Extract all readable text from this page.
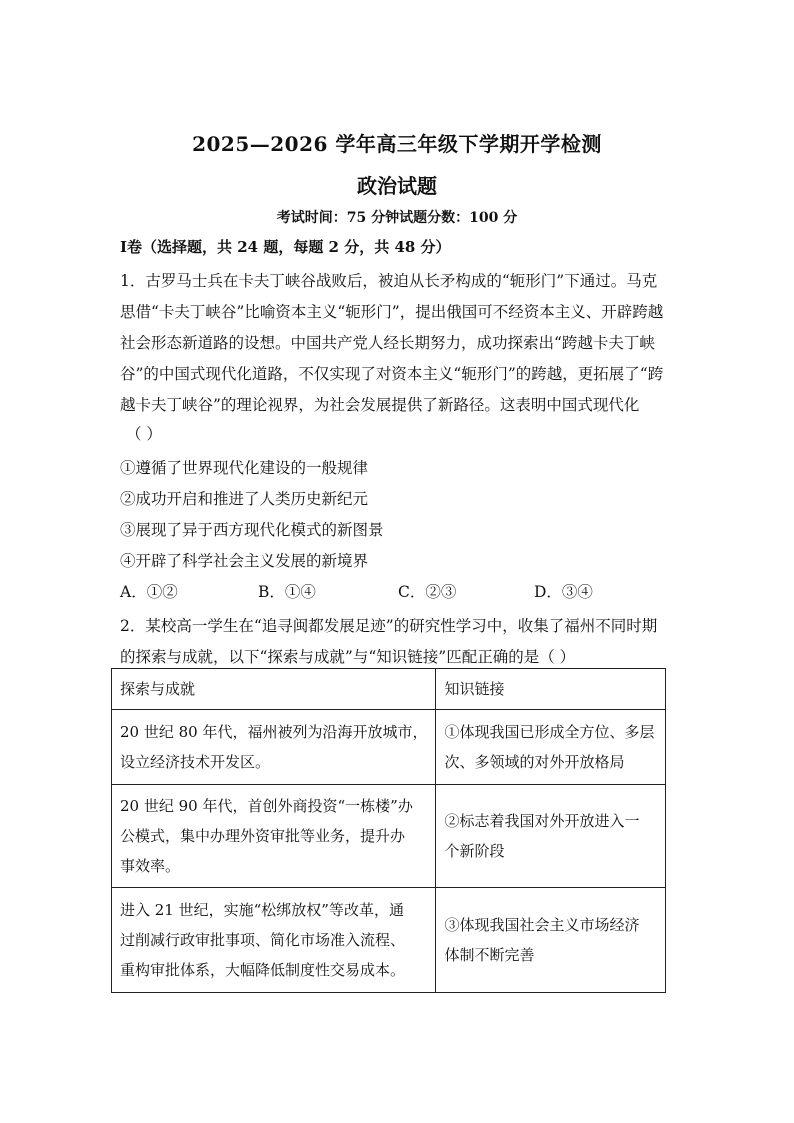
2025—2026 学年高三年级下学期开学检测
政治试题
考试时间：75 分钟试题分数：100 分
Ⅰ卷（选择题，共 24 题，每题 2 分，共 48 分）
1．古罗马士兵在卡夫丁峡谷战败后，被迫从长矛构成的“轭形门”下通过。马克
思借“卡夫丁峡谷”比喻资本主义“轭形门”，提出俄国可不经资本主义、开辟跨越
社会形态新道路的设想。中国共产党人经长期努力，成功探索出“跨越卡夫丁峡
谷”的中国式现代化道路，不仅实现了对资本主义“轭形门”的跨越，更拓展了“跨
越卡夫丁峡谷”的理论视界，为社会发展提供了新路径。这表明中国式现代化
（ ）
①遵循了世界现代化建设的一般规律
②成功开启和推进了人类历史新纪元
③展现了异于西方现代化模式的新图景
④开辟了科学社会主义发展的新境界
A．①②	B．①④	C．②③	D．③④
2．某校高一学生在“追寻闽都发展足迹”的研究性学习中，收集了福州不同时期
的探索与成就，以下“探索与成就”与“知识链接”匹配正确的是（ ）
探索与成就	知识链接

20 世纪 80 年代，福州被列为沿海开放城市，
设立经济技术开发区。	①体现我国已形成全方位、多层
次、多领域的对外开放格局

20 世纪 90 年代，首创外商投资“一栋楼”办
公模式，集中办理外资审批等业务，提升办
事效率。	②标志着我国对外开放进入一
个新阶段

进入 21 世纪，实施“松绑放权”等改革，通
过削减行政审批事项、简化市场准入流程、
重构审批体系，大幅降低制度性交易成本。	③体现我国社会主义市场经济
体制不断完善
